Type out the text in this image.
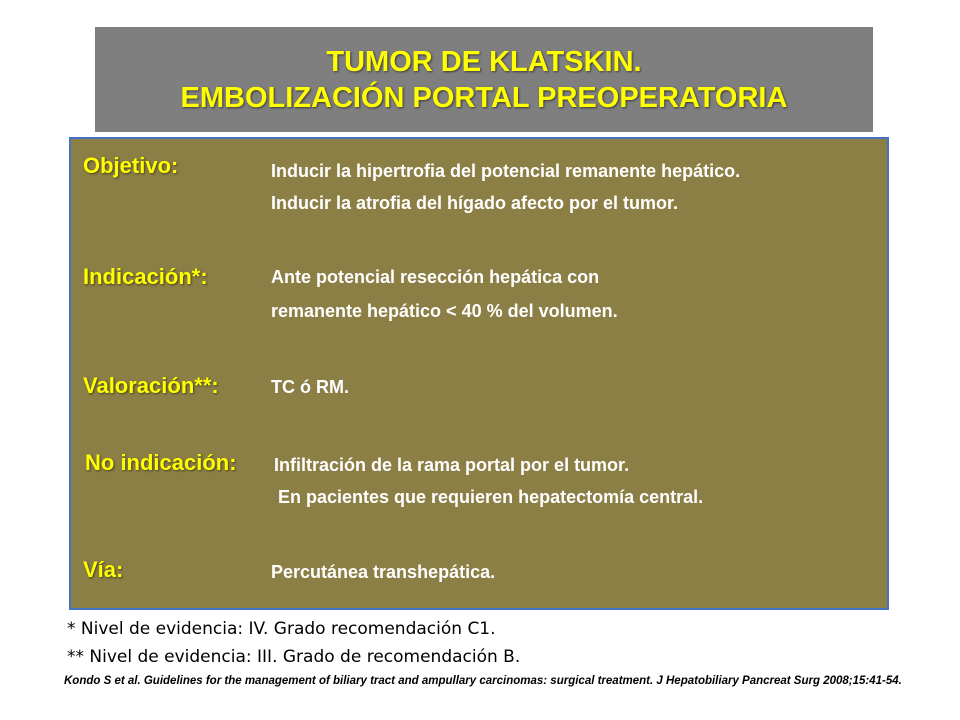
TUMOR DE KLATSKIN.
EMBOLIZACIÓN PORTAL PREOPERATORIA
Objetivo:	Inducir la hipertrofia del potencial remanente hepático.
Inducir la atrofia del hígado afecto por el tumor.
Indicación*:	Ante potencial resección hepática con
remanente hepático < 40 % del volumen.
Valoración**:	TC ó RM.
No indicación: Infiltración de la rama portal por el tumor.
En pacientes que requieren hepatectomía central.
Vía:	Percutánea transhepática.
* Nivel de evidencia: IV. Grado recomendación C1.
** Nivel de evidencia: III. Grado de recomendación B.
Kondo S et al. Guidelines for the management of biliary tract and ampullary carcinomas: surgical treatment. J Hepatobiliary Pancreat Surg 2008;15:41-54.
